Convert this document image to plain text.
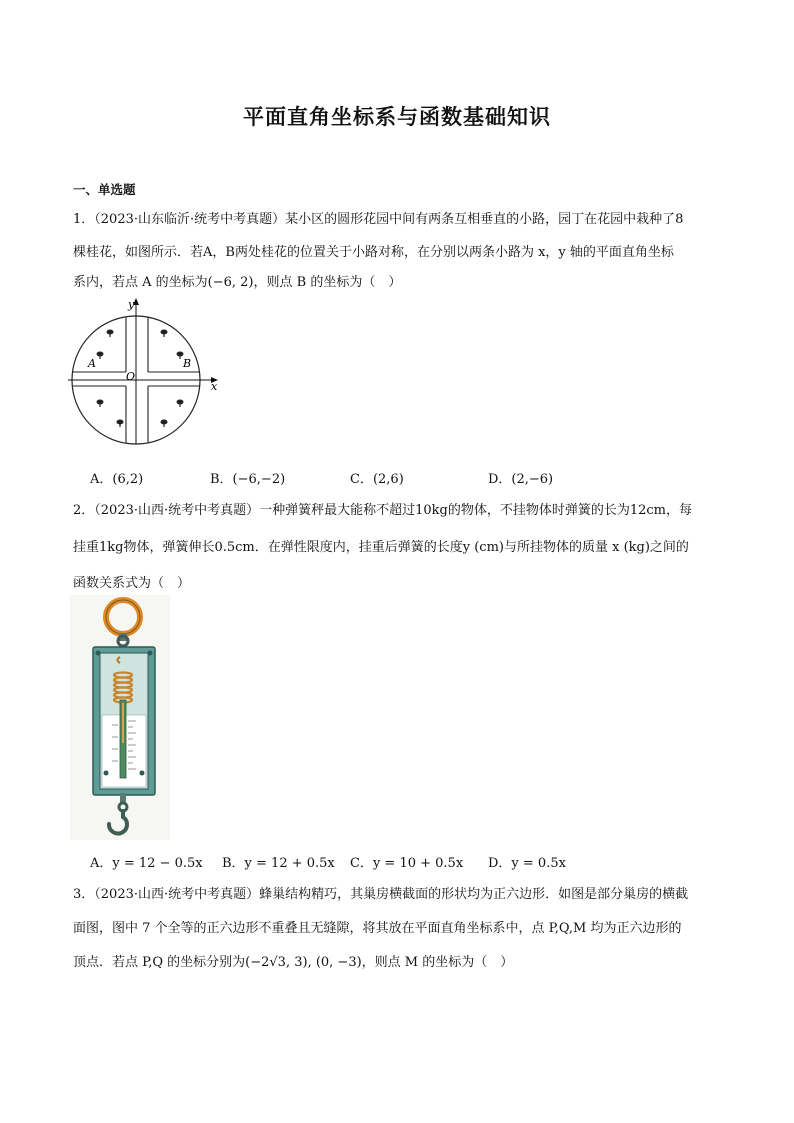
平面直角坐标系与函数基础知识
一、单选题
1．（2023·山东临沂·统考中考真题）某小区的圆形花园中间有两条互相垂直的小路，园丁在花园中栽种了8
棵桂花，如图所示．若A，B两处桂花的位置关于小路对称，在分别以两条小路为 x，y 轴的平面直角坐标
系内，若点 A 的坐标为(−6, 2)，则点 B 的坐标为（　）
x
y
O
A	B
A．(6,2)	B．(−6,−2)	C．(2,6)	D．(2,−6)
2．（2023·山西·统考中考真题）一种弹簧秤最大能称不超过10kg的物体，不挂物体时弹簧的长为12cm，每
挂重1kg物体，弹簧伸长0.5cm．在弹性限度内，挂重后弹簧的长度y (cm)与所挂物体的质量 x (kg)之间的
函数关系式为（　）
A．y = 12 − 0.5x B．y = 12 + 0.5x C．y = 10 + 0.5x D．y = 0.5x
3．（2023·山西·统考中考真题）蜂巢结构精巧，其巢房横截面的形状均为正六边形．如图是部分巢房的横截
面图，图中 7 个全等的正六边形不重叠且无缝隙，将其放在平面直角坐标系中，点 P,Q,M 均为正六边形的
顶点．若点 P,Q 的坐标分别为(−2√3, 3), (0, −3)，则点 M 的坐标为（　）
